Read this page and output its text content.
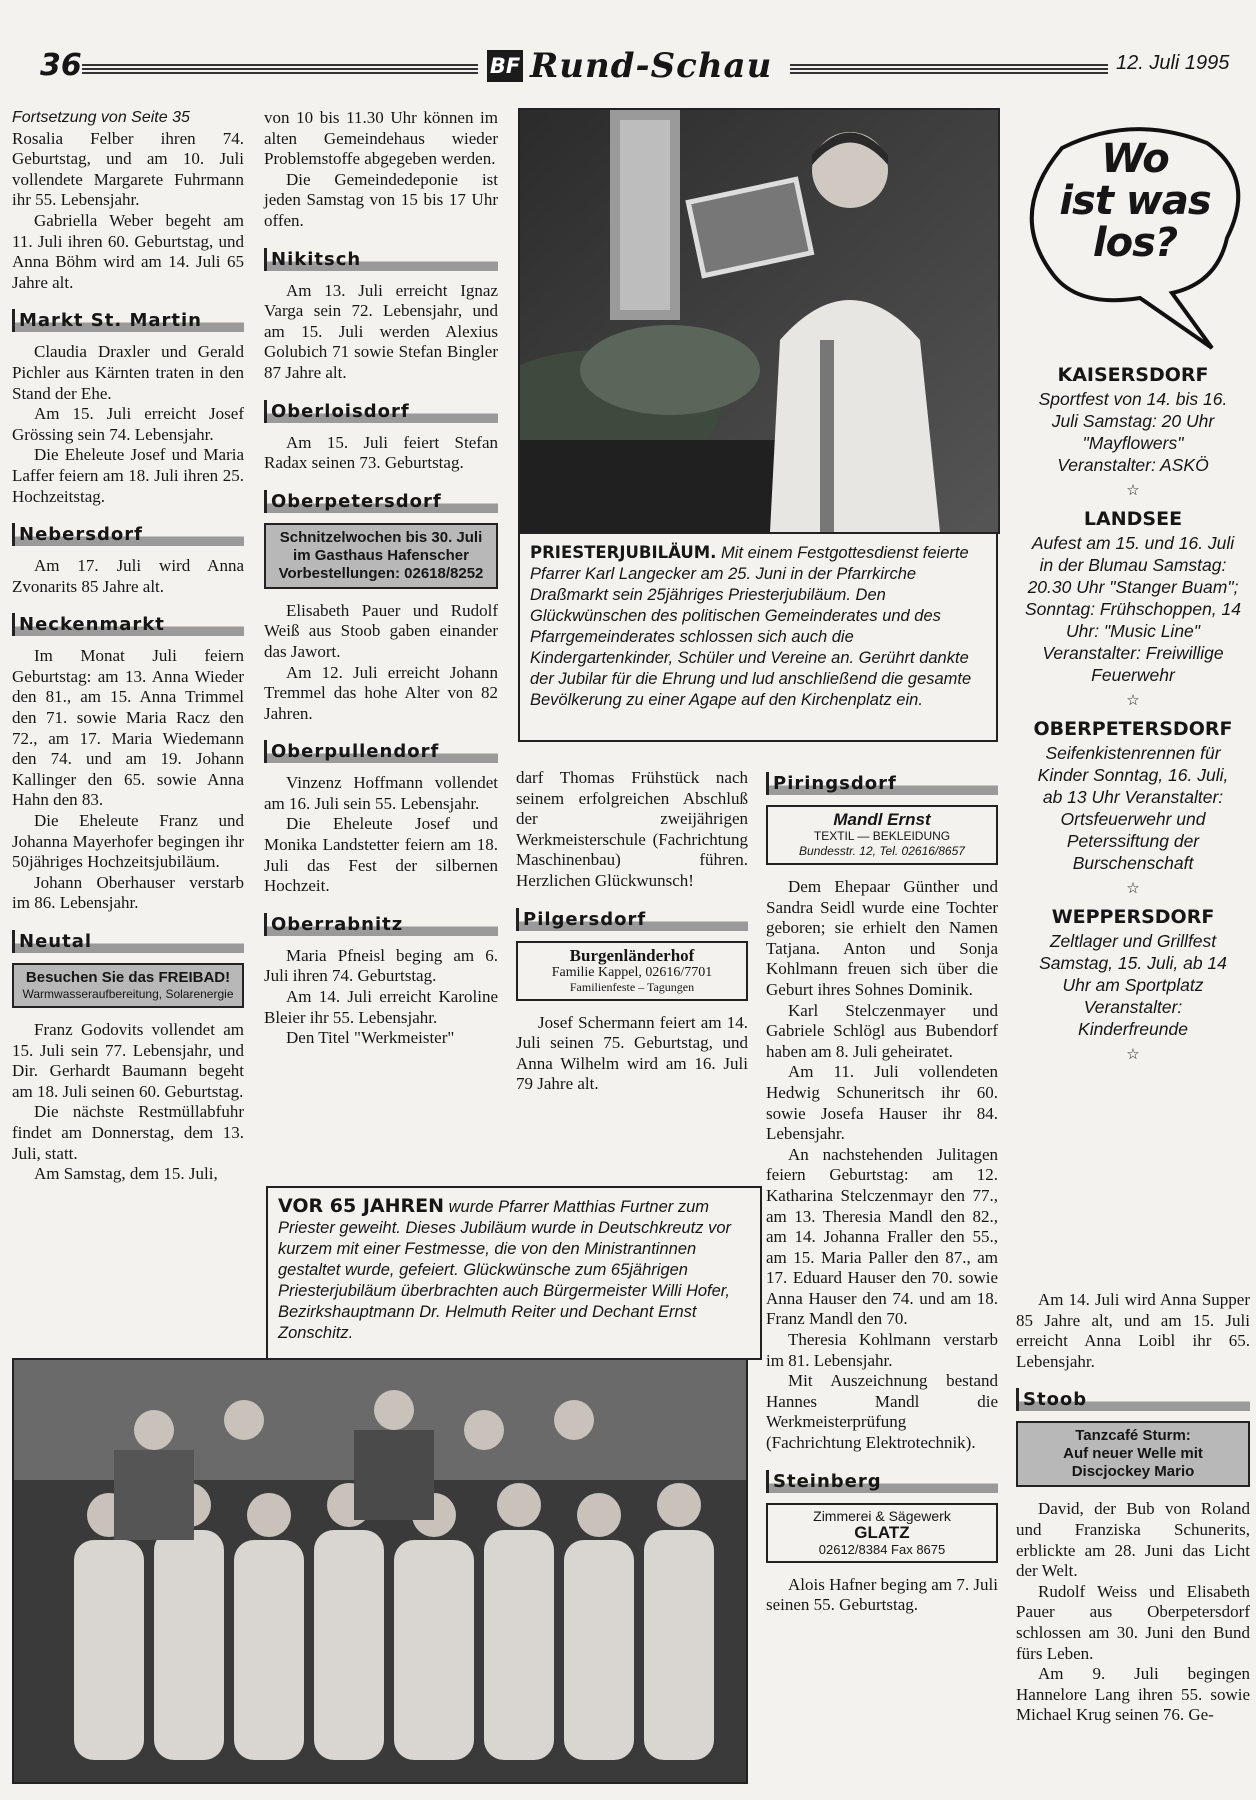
36	BF Rund-Schau	12. Juli 1995

Fortsetzung von Seite 35

Rosalia Felber ihren 74. Geburtstag, und am 10. Juli vollendete Margarete Fuhrmann ihr 55. Lebensjahr.

Gabriella Weber begeht am 11. Juli ihren 60. Geburtstag, und Anna Böhm wird am 14. Juli 65 Jahre alt.

Markt St. Martin

Claudia Draxler und Gerald Pichler aus Kärnten traten in den Stand der Ehe.

Am 15. Juli erreicht Josef Grössing sein 74. Lebensjahr.

Die Eheleute Josef und Maria Laffer feiern am 18. Juli ihren 25. Hochzeitstag.

Nebersdorf

Am 17. Juli wird Anna Zvonarits 85 Jahre alt.

Neckenmarkt

Im Monat Juli feiern Geburtstag: am 13. Anna Wieder den 81., am 15. Anna Trimmel den 71. sowie Maria Racz den 72., am 17. Maria Wiedemann den 74. und am 19. Johann Kallinger den 65. sowie Anna Hahn den 83.

Die Eheleute Franz und Johanna Mayerhofer begingen ihr 50jähriges Hochzeitsjubiläum.

Johann Oberhauser verstarb im 86. Lebensjahr.

Neutal
Besuchen Sie das FREIBAD!
Warmwasseraufbereitung, Solarenergie

Franz Godovits vollendet am 15. Juli sein 77. Lebensjahr, und Dir. Gerhardt Baumann begeht am 18. Juli seinen 60. Geburtstag.

Die nächste Restmüllabfuhr findet am Donnerstag, dem 13. Juli, statt.

Am Samstag, dem 15. Juli,

von 10 bis 11.30 Uhr können im alten Gemeindehaus wieder Problemstoffe abgegeben werden.

Die Gemeindedeponie ist jeden Samstag von 15 bis 17 Uhr offen.

Nikitsch

Am 13. Juli erreicht Ignaz Varga sein 72. Lebensjahr, und am 15. Juli werden Alexius Golubich 71 sowie Stefan Bingler 87 Jahre alt.

Oberloisdorf

Am 15. Juli feiert Stefan Radax seinen 73. Geburtstag.

Oberpetersdorf
Schnitzelwochen bis 30. Juli
im Gasthaus Hafenscher
Vorbestellungen: 02618/8252

Elisabeth Pauer und Rudolf Weiß aus Stoob gaben einander das Jawort.

Am 12. Juli erreicht Johann Tremmel das hohe Alter von 82 Jahren.

Oberpullendorf

Vinzenz Hoffmann vollendet am 16. Juli sein 55. Lebensjahr.

Die Eheleute Josef und Monika Landstetter feiern am 18. Juli das Fest der silbernen Hochzeit.

Oberrabnitz

Maria Pfneisl beging am 6. Juli ihren 74. Geburtstag.

Am 14. Juli erreicht Karoline Bleier ihr 55. Lebensjahr.

Den Titel "Werkmeister"

PRIESTERJUBILÄUM. Mit einem Festgottesdienst feierte Pfarrer Karl Langecker am 25. Juni in der Pfarrkirche Draßmarkt sein 25jähriges Priesterjubiläum. Den Glückwünschen des politischen Gemeinderates und des Pfarrgemeinderates schlossen sich auch die Kindergartenkinder, Schüler und Vereine an. Gerührt dankte der Jubilar für die Ehrung und lud anschließend die gesamte Bevölkerung zu einer Agape auf den Kirchenplatz ein.

darf Thomas Frühstück nach seinem erfolgreichen Abschluß der zweijährigen Werkmeisterschule (Fachrichtung Maschinenbau) führen. Herzlichen Glückwunsch!

Pilgersdorf
Burgenländerhof
Familie Kappel, 02616/7701
Familienfeste – Tagungen

Josef Schermann feiert am 14. Juli seinen 75. Geburtstag, und Anna Wilhelm wird am 16. Juli 79 Jahre alt.

VOR 65 JAHREN wurde Pfarrer Matthias Furtner zum Priester geweiht. Dieses Jubiläum wurde in Deutschkreutz vor kurzem mit einer Festmesse, die von den Ministrantinnen gestaltet wurde, gefeiert. Glückwünsche zum 65jährigen Priesterjubiläum überbrachten auch Bürgermeister Willi Hofer, Bezirkshauptmann Dr. Helmuth Reiter und Dechant Ernst Zonschitz.
Piringsdorf
Mandl Ernst
TEXTIL — BEKLEIDUNG
Bundesstr. 12, Tel. 02616/8657

Dem Ehepaar Günther und Sandra Seidl wurde eine Tochter geboren; sie erhielt den Namen Tatjana. Anton und Sonja Kohlmann freuen sich über die Geburt ihres Sohnes Dominik.

Karl Stelczenmayer und Gabriele Schlögl aus Bubendorf haben am 8. Juli geheiratet.

Am 11. Juli vollendeten Hedwig Schuneritsch ihr 60. sowie Josefa Hauser ihr 84. Lebensjahr.

An nachstehenden Julitagen feiern Geburtstag: am 12. Katharina Stelczenmayr den 77., am 13. Theresia Mandl den 82., am 14. Johanna Fraller den 55., am 15. Maria Paller den 87., am 17. Eduard Hauser den 70. sowie Anna Hauser den 74. und am 18. Franz Mandl den 70.

Theresia Kohlmann verstarb im 81. Lebensjahr.

Mit Auszeichnung bestand Hannes Mandl die Werkmeisterprüfung (Fachrichtung Elektrotechnik).

Steinberg
Zimmerei & Sägewerk
GLATZ
02612/8384 Fax 8675

Alois Hafner beging am 7. Juli seinen 55. Geburtstag.

Wo
ist was
los?
KAISERSDORF
Sportfest von 14. bis 16. Juli Samstag: 20 Uhr "Mayflowers" Veranstalter: ASKÖ
☆
LANDSEE
Aufest am 15. und 16. Juli in der Blumau Samstag: 20.30 Uhr "Stanger Buam"; Sonntag: Frühschoppen, 14 Uhr: "Music Line" Veranstalter: Freiwillige Feuerwehr
☆
OBERPETERSDORF
Seifenkistenrennen für Kinder Sonntag, 16. Juli, ab 13 Uhr Veranstalter: Ortsfeuerwehr und Peterssiftung der Burschenschaft
☆
WEPPERSDORF
Zeltlager und Grillfest Samstag, 15. Juli, ab 14 Uhr am Sportplatz Veranstalter: Kinderfreunde
☆

Am 14. Juli wird Anna Supper 85 Jahre alt, und am 15. Juli erreicht Anna Loibl ihr 65. Lebensjahr.

Stoob
Tanzcafé Sturm:
Auf neuer Welle mit
Discjockey Mario

David, der Bub von Roland und Franziska Schunerits, erblickte am 28. Juni das Licht der Welt.

Rudolf Weiss und Elisabeth Pauer aus Oberpetersdorf schlossen am 30. Juni den Bund fürs Leben.

Am 9. Juli begingen Hannelore Lang ihren 55. sowie Michael Krug seinen 76. Ge-
